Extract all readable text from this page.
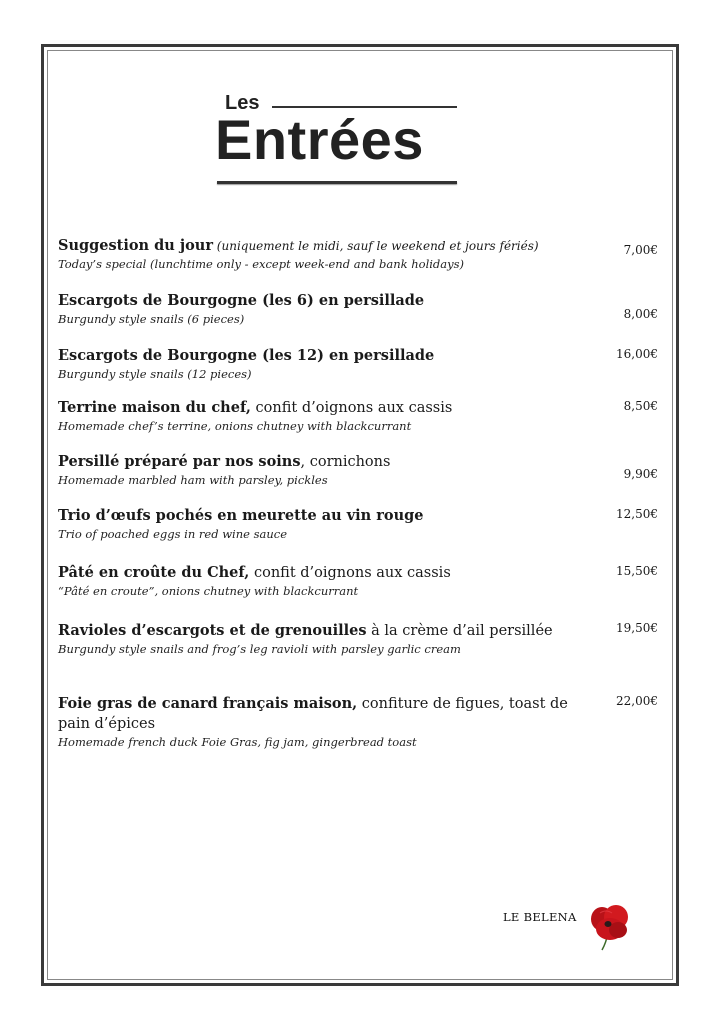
Les
Entrées
Suggestion du jour (uniquement le midi, sauf le weekend et jours fériés)
Today’s special (lunchtime only - except week-end and bank holidays)
7,00€
Escargots de Bourgogne (les 6) en persillade
Burgundy style snails (6 pieces)	8,00€
Escargots de Bourgogne (les 12) en persillade
Burgundy style snails (12 pieces)
16,00€
Terrine maison du chef, confit d’oignons aux cassis
Homemade chef’s terrine, onions chutney with blackcurrant
8,50€
Persillé préparé par nos soins, cornichons
Homemade marbled ham with parsley, pickles	9,90€
Trio d’œufs pochés en meurette au vin rouge
Trio of poached eggs in red wine sauce
12,50€
Pâté en croûte du Chef, confit d’oignons aux cassis
“Pâté en croute”, onions chutney with blackcurrant
15,50€
Ravioles d’escargots et de grenouilles à la crème d’ail persillée
Burgundy style snails and frog’s leg ravioli with parsley garlic cream
19,50€
Foie gras de canard français maison, confiture de figues, toast de pain d’épices
Homemade french duck Foie Gras, fig jam, gingerbread toast
22,00€
LE BELENA
